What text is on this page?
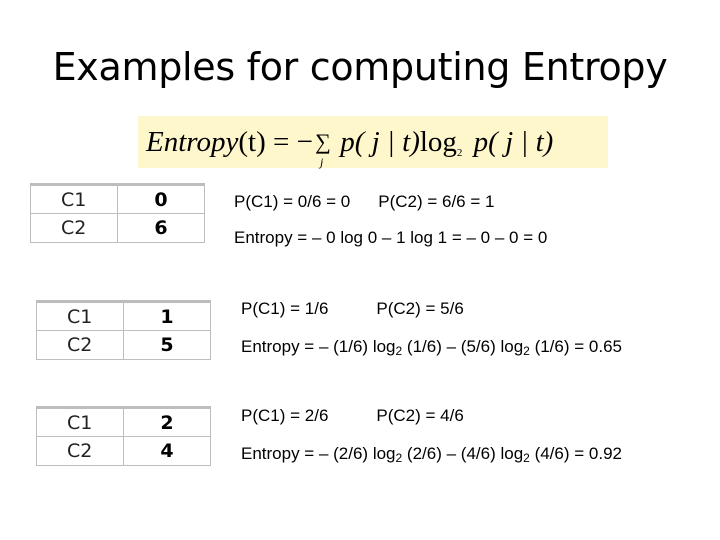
Examples for computing Entropy
Entropy(t) = −∑
j
p( j | t)log2 p( j | t)
C1	0
C2	6
P(C1) = 0/6 = 0 P(C2) = 6/6 = 1
Entropy = – 0 log 0 – 1 log 1 = – 0 – 0 = 0
C1	1
C2	5
P(C1) = 1/6	P(C2) = 5/6
Entropy = – (1/6) $\log_2 (1/6) - (5/6)$ $\log_2 (1/6) = 0.65$
C1	2
C2	4
P(C1) = 2/6	P(C2) = 4/6
Entropy = – (2/6) $\log_2 (2/6) - (4/6)$ $\log_2 (4/6) = 0.92$
